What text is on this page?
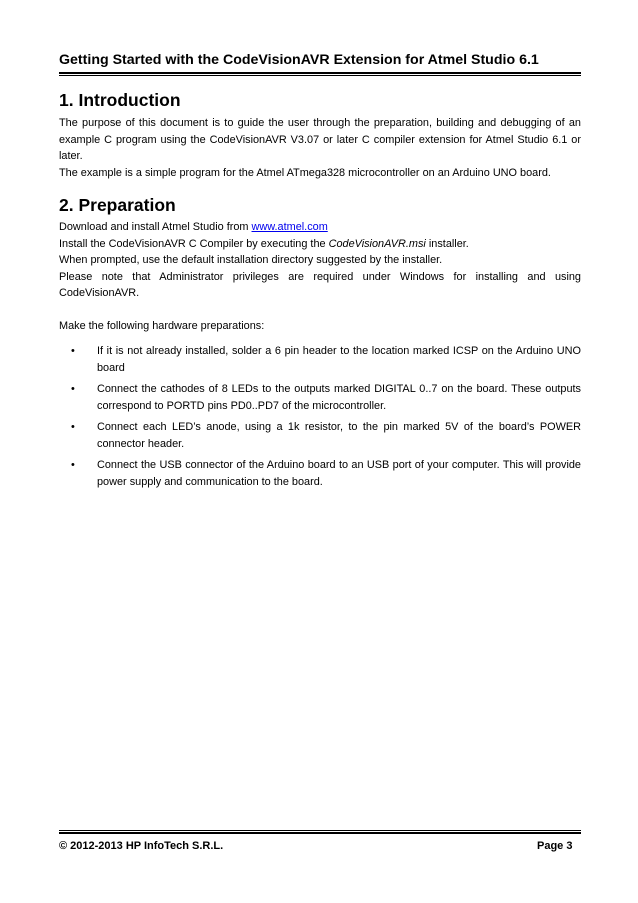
Getting Started with the CodeVisionAVR Extension for Atmel Studio 6.1
1. Introduction

The purpose of this document is to guide the user through the preparation, building and debugging of an example C program using the CodeVisionAVR V3.07 or later C compiler extension for Atmel Studio 6.1 or later.

The example is a simple program for the Atmel ATmega328 microcontroller on an Arduino UNO board.

2. Preparation

Download and install Atmel Studio from www.atmel.com

Install the CodeVisionAVR C Compiler by executing the CodeVisionAVR.msi installer.

When prompted, use the default installation directory suggested by the installer.

Please note that Administrator privileges are required under Windows for installing and using CodeVisionAVR.

Make the following hardware preparations:

• If it is not already installed, solder a 6 pin header to the location marked ICSP on the Arduino UNO board
• Connect the cathodes of 8 LEDs to the outputs marked DIGITAL 0..7 on the board. These outputs correspond to PORTD pins PD0..PD7 of the microcontroller.
• Connect each LED’s anode, using a 1k resistor, to the pin marked 5V of the board’s POWER connector header.
• Connect the USB connector of the Arduino board to an USB port of your computer. This will provide power supply and communication to the board.
© 2012-2013 HP InfoTech S.R.L.	Page 3
